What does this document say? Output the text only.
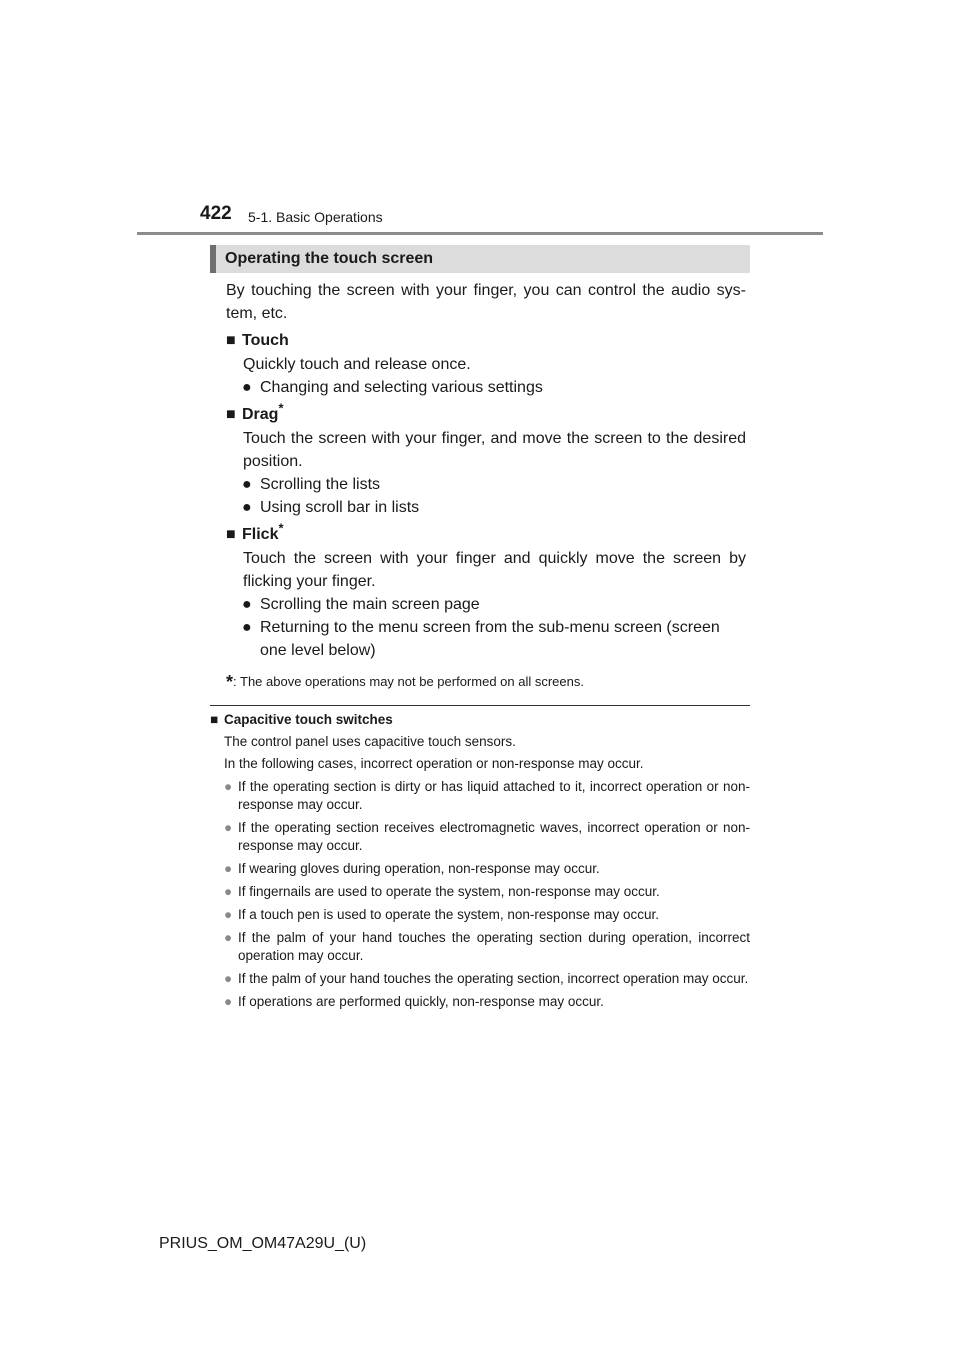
422 5-1. Basic Operations
Operating the touch screen

By touching the screen with your finger, you can control the audio sys-tem, etc.

■ Touch

Quickly touch and release once.

● Changing and selecting various settings

■ Drag*

Touch the screen with your finger, and move the screen to the desired position.

● Scrolling the lists

● Using scroll bar in lists

■ Flick*

Touch the screen with your finger and quickly move the screen by flicking your finger.

● Scrolling the main screen page

● Returning to the menu screen from the sub-menu screen (screen one level below)

*: The above operations may not be performed on all screens.

■ Capacitive touch switches

The control panel uses capacitive touch sensors.

In the following cases, incorrect operation or non-response may occur.

● If the operating section is dirty or has liquid attached to it, incorrect operation or non-response may occur.

● If the operating section receives electromagnetic waves, incorrect operation or non-response may occur.

● If wearing gloves during operation, non-response may occur.

● If fingernails are used to operate the system, non-response may occur.

● If a touch pen is used to operate the system, non-response may occur.

● If the palm of your hand touches the operating section during operation, incorrect operation may occur.

● If the palm of your hand touches the operating section, incorrect operation may occur.

● If operations are performed quickly, non-response may occur.

PRIUS_OM_OM47A29U_(U)
